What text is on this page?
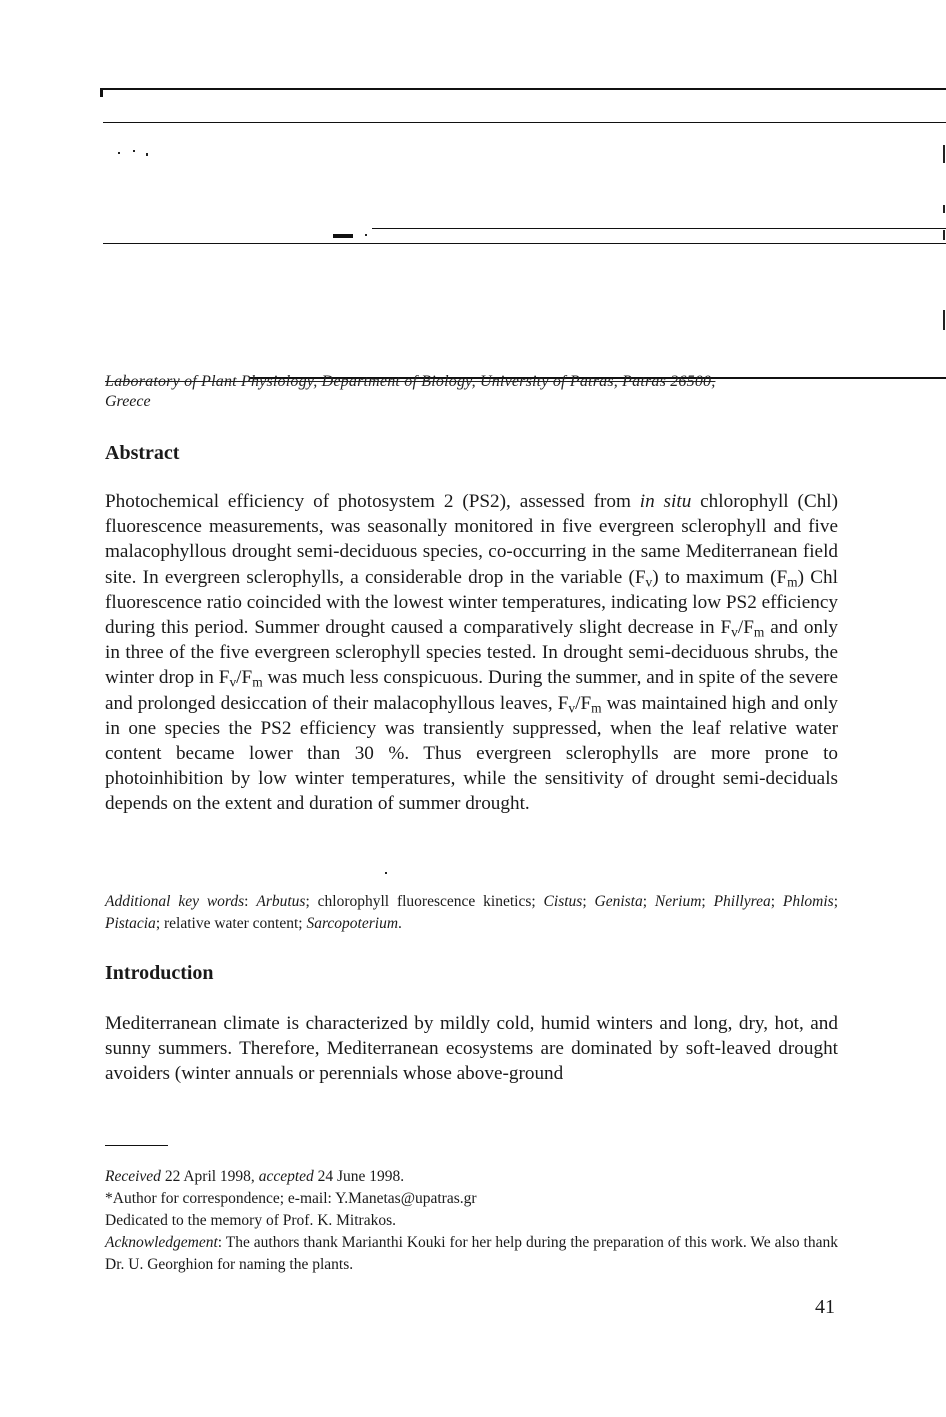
Laboratory of Plant Physiology, Department of Biology, University of Patras, Patras 26500,
Greece
Abstract

Photochemical efficiency of photosystem 2 (PS2), assessed from in situ chlorophyll (Chl) fluorescence measurements, was seasonally monitored in five evergreen sclerophyll and five malacophyllous drought semi-deciduous species, co-occurring in the same Mediterranean field site. In evergreen sclerophylls, a considerable drop in the variable $(F_v)$ to maximum $(F_m)$ Chl fluorescence ratio coincided with the lowest winter temperatures, indicating low PS2 efficiency during this period. Summer drought caused a comparatively slight decrease in $F_v/F_m$ and only in three of the five evergreen sclerophyll species tested. In drought semi-deciduous shrubs, the winter drop in $F_v/F_m$ was much less conspicuous. During the summer, and in spite of the severe and prolonged desiccation of their malacophyllous leaves, $F_v/F_m$ was maintained high and only in one species the PS2 efficiency was transiently suppressed, when the leaf relative water content became lower than 30 %. Thus evergreen sclerophylls are more prone to photoinhibition by low winter temperatures, while the sensitivity of drought semi-deciduals depends on the extent and duration of summer drought.

Additional key words: Arbutus; chlorophyll fluorescence kinetics; Cistus; Genista; Nerium; Phillyrea; Phlomis; Pistacia; relative water content; Sarcopoterium.
Introduction

Mediterranean climate is characterized by mildly cold, humid winters and long, dry, hot, and sunny summers. Therefore, Mediterranean ecosystems are dominated by soft-leaved drought avoiders (winter annuals or perennials whose above-ground

Received 22 April 1998, accepted 24 June 1998.
*Author for correspondence; e-mail: Y.Manetas@upatras.gr
Dedicated to the memory of Prof. K. Mitrakos.
Acknowledgement: The authors thank Marianthi Kouki for her help during the preparation of this work. We also thank Dr. U. Georghion for naming the plants.
41
